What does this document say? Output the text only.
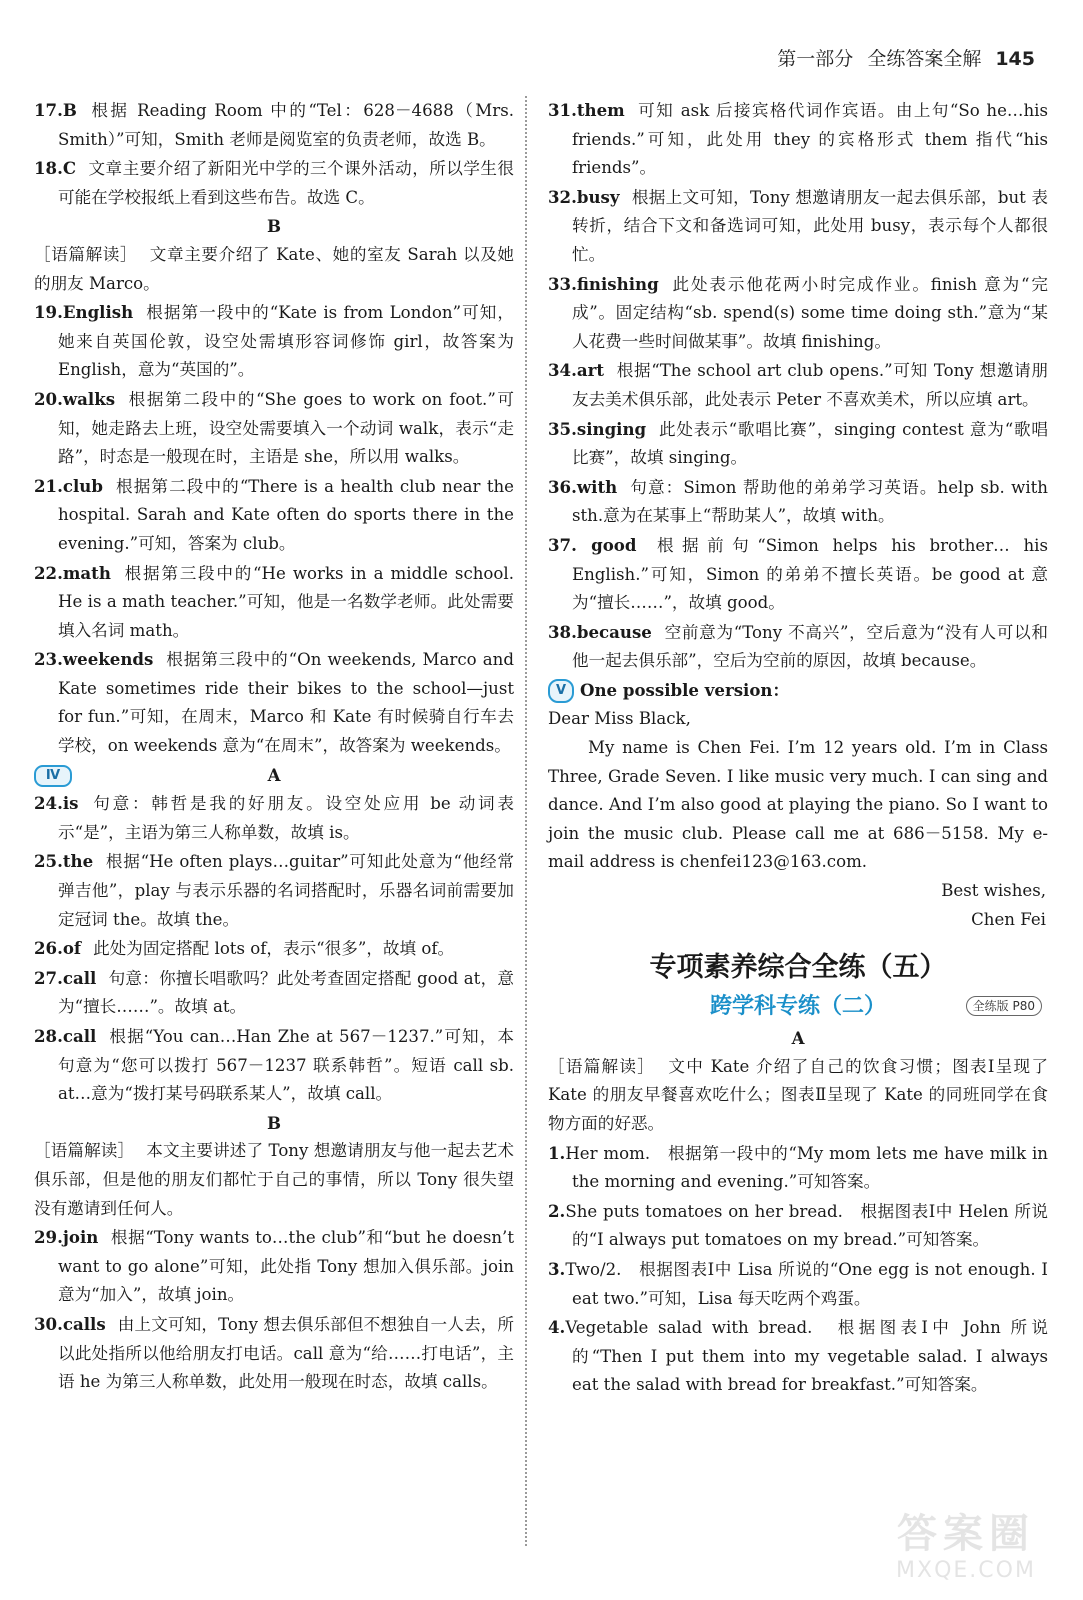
第一部分 全练答案全解 145

17.B 根据 Reading Room 中的“Tel：628－4688（Mrs. Smith）”可知，Smith 老师是阅览室的负责老师，故选 B。

18.C 文章主要介绍了新阳光中学的三个课外活动，所以学生很可能在学校报纸上看到这些布告。故选 C。

B

［语篇解读］ 文章主要介绍了 Kate、她的室友 Sarah 以及她的朋友 Marco。

19.English 根据第一段中的“Kate is from London”可知，她来自英国伦敦，设空处需填形容词修饰 girl，故答案为 English，意为“英国的”。

20.walks 根据第二段中的“She goes to work on foot.”可知，她走路去上班，设空处需要填入一个动词 walk，表示“走路”，时态是一般现在时，主语是 she，所以用 walks。

21.club 根据第二段中的“There is a health club near the hospital. Sarah and Kate often do sports there in the evening.”可知，答案为 club。

22.math 根据第三段中的“He works in a middle school. He is a math teacher.”可知，他是一名数学老师。此处需要填入名词 math。

23.weekends 根据第三段中的“On weekends, Marco and Kate sometimes ride their bikes to the school—just for fun.”可知，在周末，Marco 和 Kate 有时候骑自行车去学校，on weekends 意为“在周末”，故答案为 weekends。

Ⅳ	A

24.is 句意：韩哲是我的好朋友。设空处应用 be 动词表示“是”，主语为第三人称单数，故填 is。

25.the 根据“He often plays…guitar”可知此处意为“他经常弹吉他”，play 与表示乐器的名词搭配时，乐器名词前需要加定冠词 the。故填 the。

26.of 此处为固定搭配 lots of，表示“很多”，故填 of。

27.call 句意：你擅长唱歌吗？此处考查固定搭配 good at，意为“擅长……”。故填 at。

28.call 根据“You can…Han Zhe at 567－1237.”可知，本句意为“您可以拨打 567－1237 联系韩哲”。短语 call sb. at…意为“拨打某号码联系某人”，故填 call。

B

［语篇解读］ 本文主要讲述了 Tony 想邀请朋友与他一起去艺术俱乐部，但是他的朋友们都忙于自己的事情，所以 Tony 很失望没有邀请到任何人。

29.join 根据“Tony wants to…the club”和“but he doesn’t want to go alone”可知，此处指 Tony 想加入俱乐部。join 意为“加入”，故填 join。

30.calls 由上文可知，Tony 想去俱乐部但不想独自一人去，所以此处指所以他给朋友打电话。call 意为“给……打电话”，主语 he 为第三人称单数，此处用一般现在时态，故填 calls。

31.them 可知 ask 后接宾格代词作宾语。由上句“So he…his friends.”可知，此处用 they 的宾格形式 them 指代“his friends”。

32.busy 根据上文可知，Tony 想邀请朋友一起去俱乐部，but 表转折，结合下文和备选词可知，此处用 busy，表示每个人都很忙。

33.finishing 此处表示他花两小时完成作业。finish 意为“完成”。固定结构“sb. spend(s) some time doing sth.”意为“某人花费一些时间做某事”。故填 finishing。

34.art 根据“The school art club opens.”可知 Tony 想邀请朋友去美术俱乐部，此处表示 Peter 不喜欢美术，所以应填 art。

35.singing 此处表示“歌唱比赛”，singing contest 意为“歌唱比赛”，故填 singing。

36.with 句意：Simon 帮助他的弟弟学习英语。help sb. with sth.意为在某事上“帮助某人”，故填 with。

37. good 根据前句“Simon helps his brother… his English.”可知，Simon 的弟弟不擅长英语。be good at 意为“擅长……”，故填 good。

38.because 空前意为“Tony 不高兴”，空后意为“没有人可以和他一起去俱乐部”，空后为空前的原因，故填 because。

Ⅴ One possible version：

Dear Miss Black,

My name is Chen Fei. I’m 12 years old. I’m in Class Three, Grade Seven. I like music very much. I can sing and dance. And I’m also good at playing the piano. So I want to join the music club. Please call me at 686－5158. My e-mail address is chenfei123@163.com.

Best wishes,

Chen Fei

专项素养综合全练（五）

跨学科专练（二）	全练版 P80

A

［语篇解读］ 文中 Kate 介绍了自己的饮食习惯；图表Ⅰ呈现了 Kate 的朋友早餐喜欢吃什么；图表Ⅱ呈现了 Kate 的同班同学在食物方面的好恶。

1.Her mom.　根据第一段中的“My mom lets me have milk in the morning and evening.”可知答案。

2.She puts tomatoes on her bread.　根据图表Ⅰ中 Helen 所说的“I always put tomatoes on my bread.”可知答案。

3.Two/2.　根据图表Ⅰ中 Lisa 所说的“One egg is not enough. I eat two.”可知，Lisa 每天吃两个鸡蛋。

4.Vegetable salad with bread.　根据图表Ⅰ中 John 所说的“Then I put them into my vegetable salad. I always eat the salad with bread for breakfast.”可知答案。

答案圈
MXQE.COM
